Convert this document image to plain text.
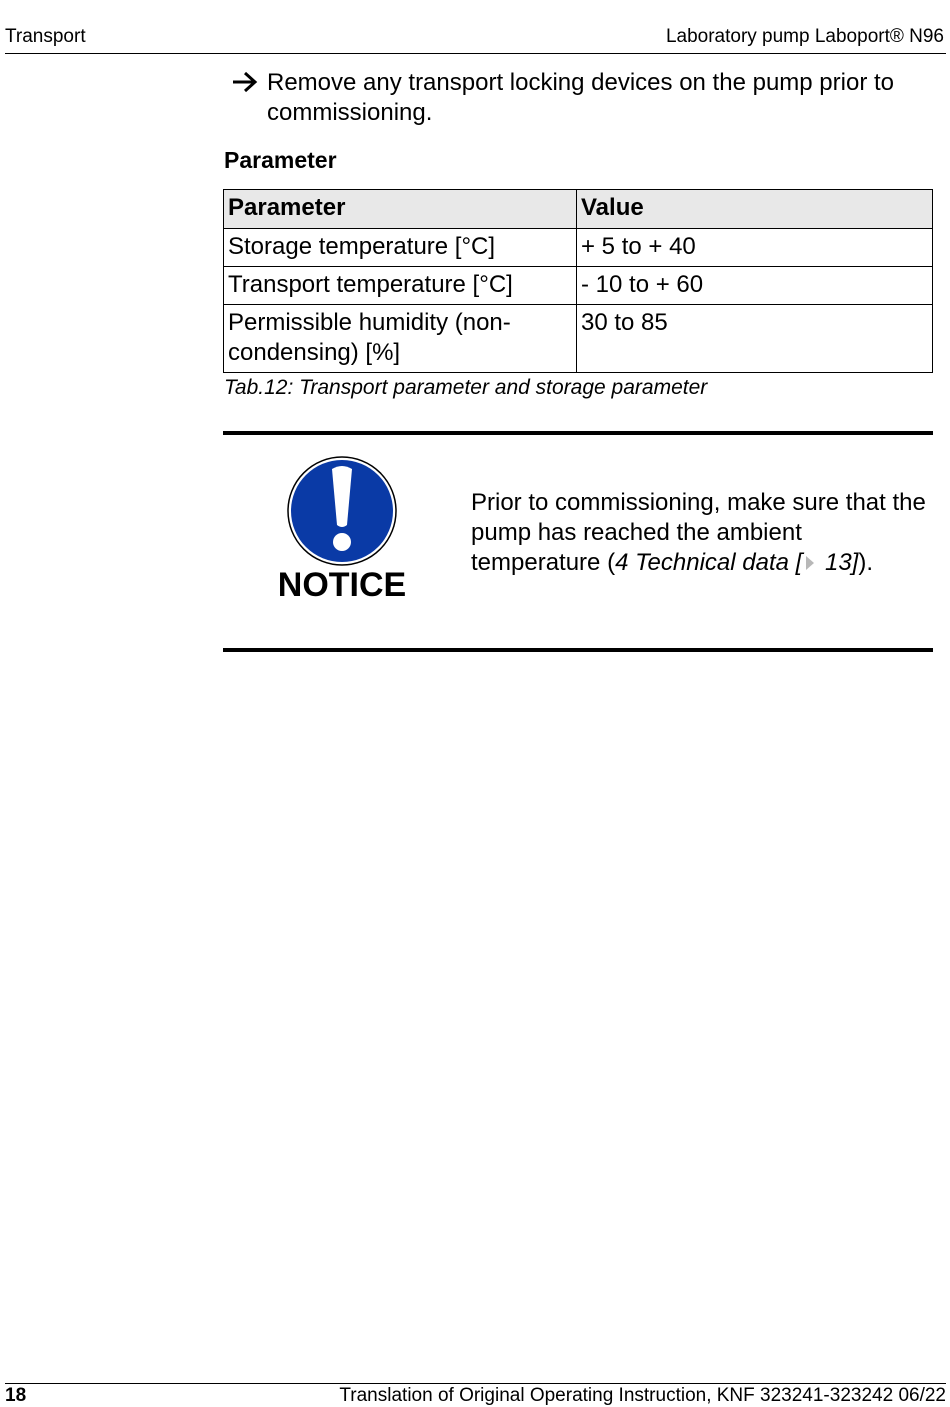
Transport	Laboratory pump Laboport® N96
Remove any transport locking devices on the pump prior to commissioning.
Parameter
Parameter	Value
Storage temperature [°C]	+ 5 to + 40
Transport temperature [°C]	- 10 to + 60
Permissible humidity (non-condensing) [%]	30 to 85
Tab.12: Transport parameter and storage parameter
NOTICE
Prior to commissioning, make sure that the pump has reached the ambient temperature (4 Technical data [ 13]).
18	Translation of Original Operating Instruction, KNF 323241-323242 06/22
